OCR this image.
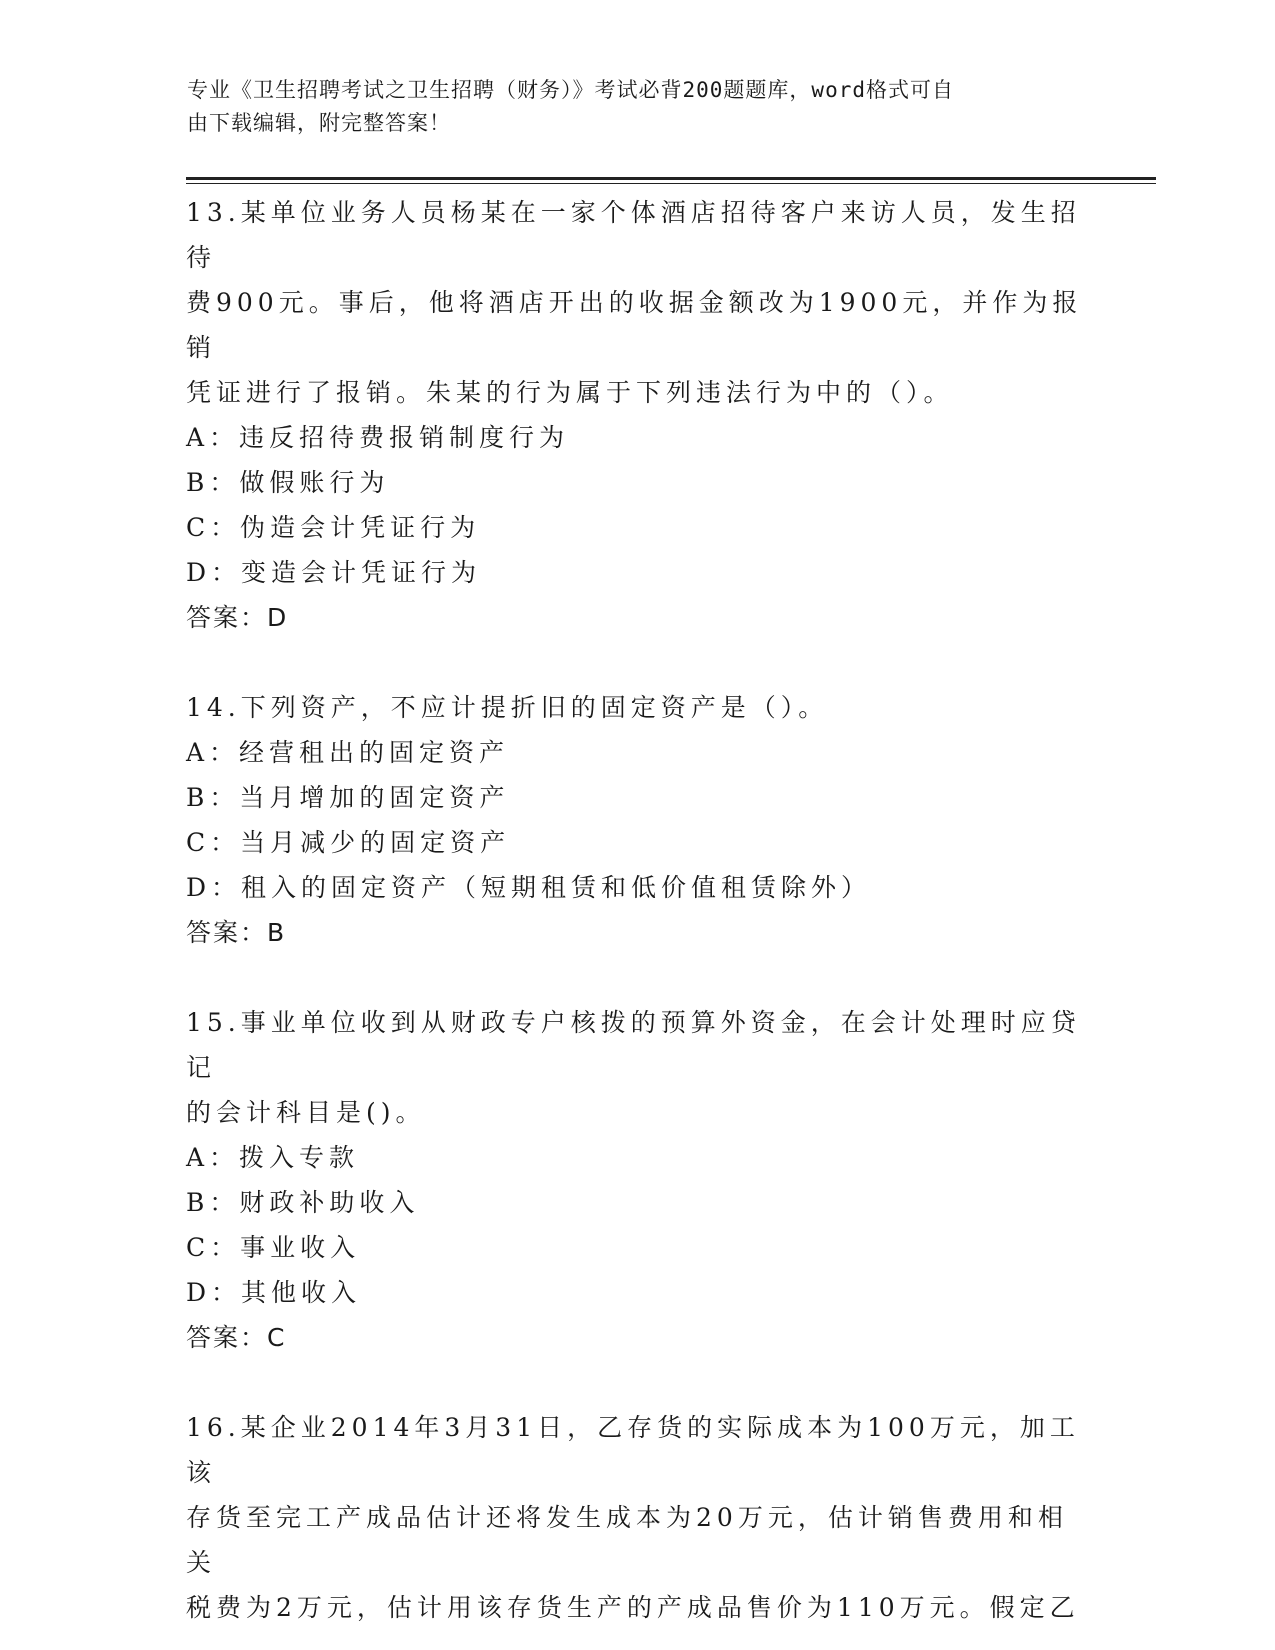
专业《卫生招聘考试之卫生招聘（财务）》考试必背200题题库，word格式可自
由下载编辑，附完整答案！

13.某单位业务人员杨某在一家个体酒店招待客户来访人员，发生招待

费900元。事后，他将酒店开出的收据金额改为1900元，并作为报销

凭证进行了报销。朱某的行为属于下列违法行为中的（）。

A：违反招待费报销制度行为

B：做假账行为

C：伪造会计凭证行为

D：变造会计凭证行为

答案：D

14.下列资产，不应计提折旧的固定资产是（）。

A：经营租出的固定资产

B：当月增加的固定资产

C：当月减少的固定资产

D：租入的固定资产（短期租赁和低价值租赁除外）

答案：B

15.事业单位收到从财政专户核拨的预算外资金，在会计处理时应贷记

的会计科目是()。

A：拨入专款

B：财政补助收入

C：事业收入

D：其他收入

答案：C

16.某企业2014年3月31日，乙存货的实际成本为100万元，加工该

存货至完工产成品估计还将发生成本为20万元，估计销售费用和相关

税费为2万元，估计用该存货生产的产成品售价为110万元。假定乙
